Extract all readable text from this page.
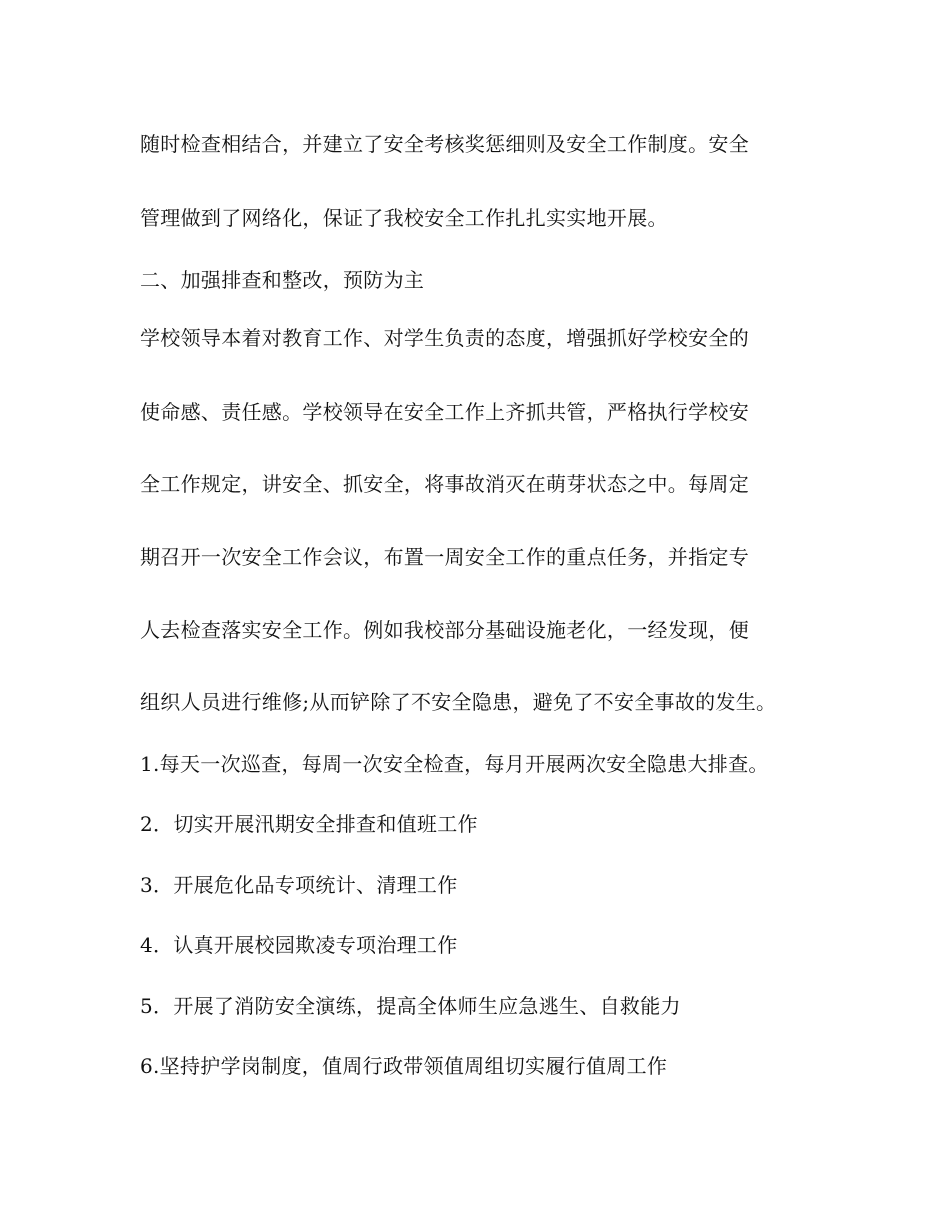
随时检查相结合，并建立了安全考核奖惩细则及安全工作制度。安全
管理做到了网络化，保证了我校安全工作扎扎实实地开展。
二、加强排查和整改，预防为主
学校领导本着对教育工作、对学生负责的态度，增强抓好学校安全的
使命感、责任感。学校领导在安全工作上齐抓共管，严格执行学校安
全工作规定，讲安全、抓安全，将事故消灭在萌芽状态之中。每周定
期召开一次安全工作会议，布置一周安全工作的重点任务，并指定专
人去检查落实安全工作。例如我校部分基础设施老化，一经发现，便
组织人员进行维修;从而铲除了不安全隐患，避免了不安全事故的发生。
1.每天一次巡查，每周一次安全检查，每月开展两次安全隐患大排查。
2．切实开展汛期安全排查和值班工作
3．开展危化品专项统计、清理工作
4．认真开展校园欺凌专项治理工作
5．开展了消防安全演练，提高全体师生应急逃生、自救能力
6.坚持护学岗制度，值周行政带领值周组切实履行值周工作
